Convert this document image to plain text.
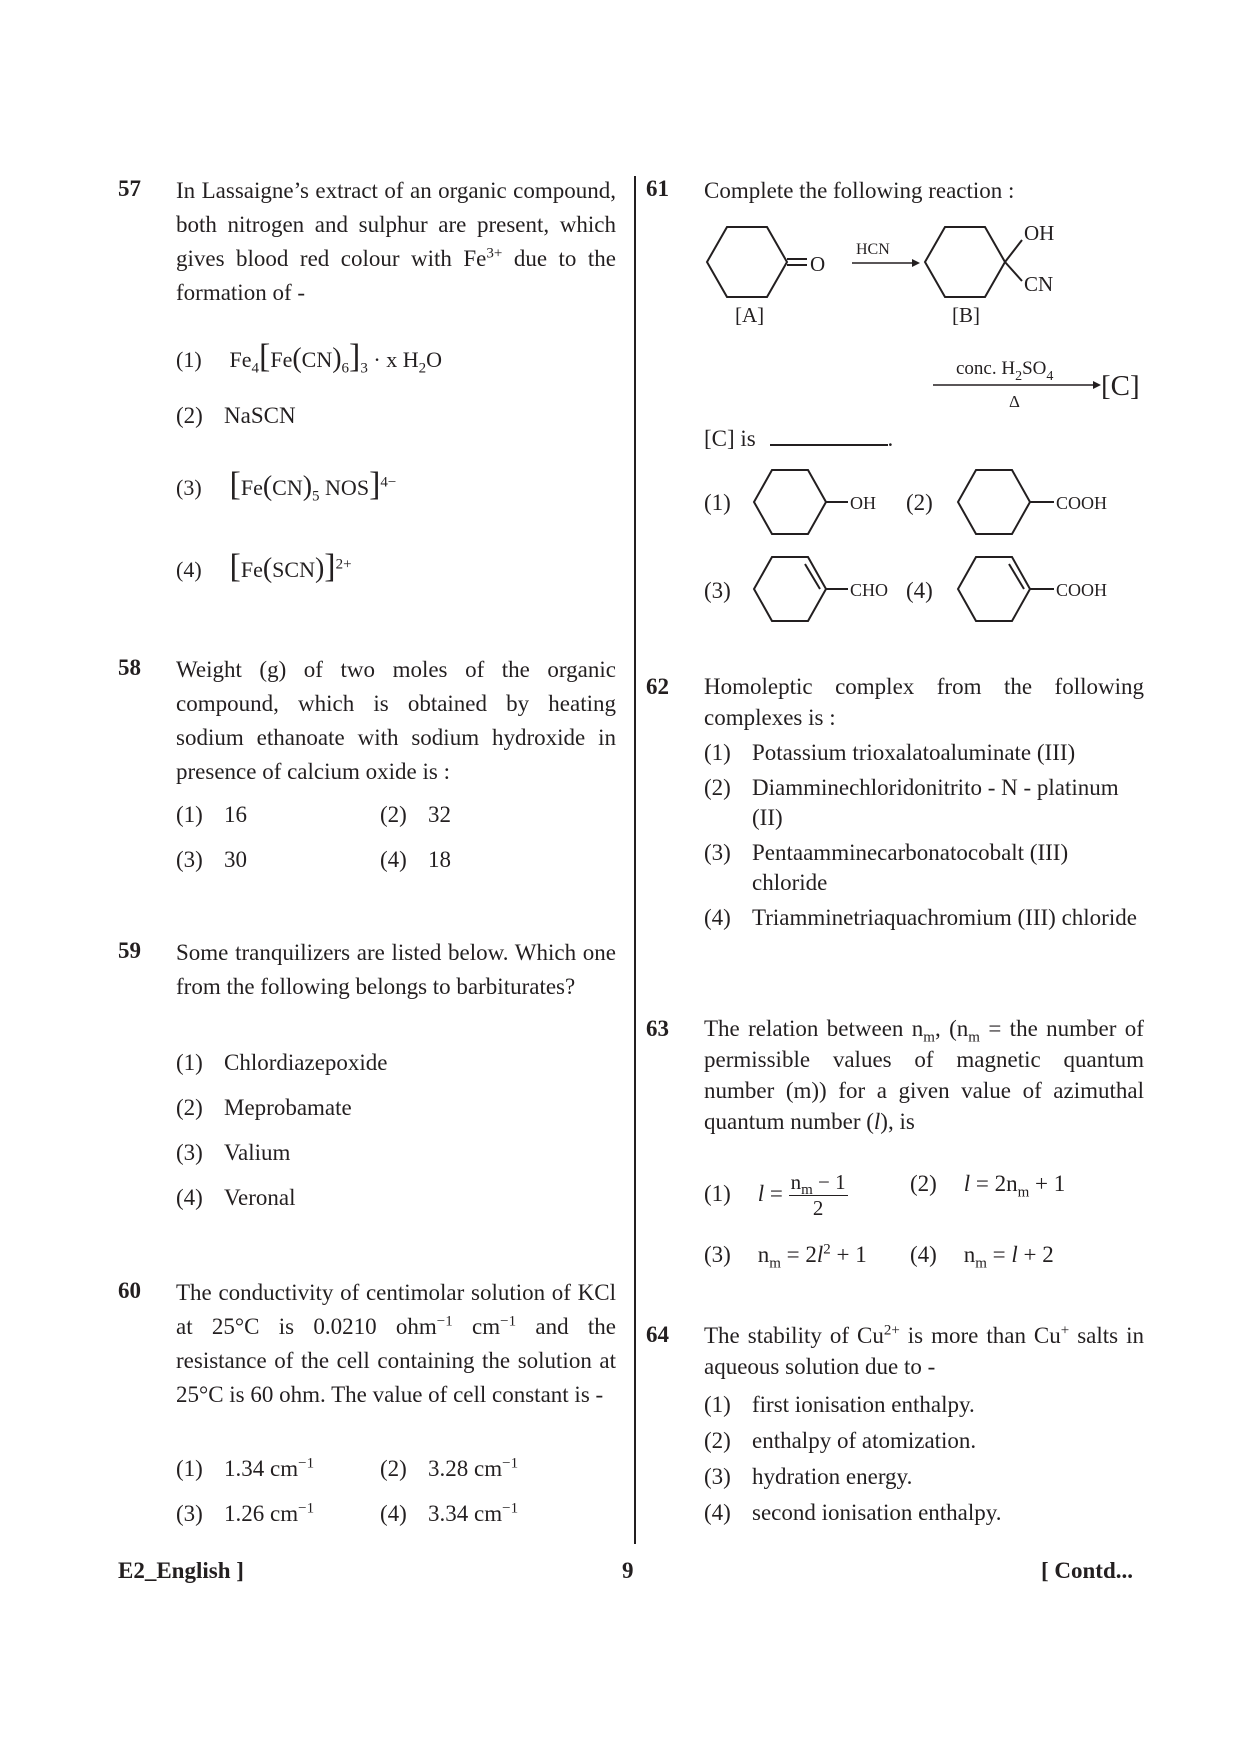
57 In Lassaigne’s extract of an organic compound, both nitrogen and sulphur are present, which gives blood red colour with $Fe^{3+}$ due to the formation of -
(1) $Fe_4[Fe(CN)_6]_3 \cdot x$ $H_2O$
(2) NaSCN
(3) [$Fe(CN)_5$ NOS]$^{4-}$
(4) $[Fe(SCN)]^{2+}$
58 Weight (g) of two moles of the organic compound, which is obtained by heating sodium ethanoate with sodium hydroxide in presence of calcium oxide is :
(1) 16	(2) 32
(3) 30	(4) 18
59 Some tranquilizers are listed below. Which one from the following belongs to barbiturates?
(1) Chlordiazepoxide
(2) Meprobamate
(3) Valium
(4) Veronal
60 The conductivity of centimolar solution of KCl at 25°C is 0.0210 ohm$^{-1}$ $cm^{-1}$ and the resistance of the cell containing the solution at 25°C is 60 ohm. The value of cell constant is -
(1) 1.34 $cm^{-1}$	(2) 3.28 $cm^{-1}$
(3) 1.26 $cm^{-1}$	(4) 3.34 $cm^{-1}$
61 Complete the following reaction :
O
[A]
HCN
OH
CN
[B]
conc. $H_2SO_4$
Δ	[C]
[C] is	.
(1)	OH (2)	COOH
(3)	CHO (4)	COOH
62 Homoleptic complex from the following complexes is :
(1) Potassium trioxalatoaluminate (III)
(2) Diamminechloridonitrito - N - platinum (II)
(3) Pentaamminecarbonatocobalt (III) chloride
(4) Triamminetriaquachromium (III) chloride
63 The relation between $n_m$, ($n_m$ = the number of permissible values of magnetic quantum number (m)) for a given value of azimuthal quantum number (l), is
(1) $l = \frac{n_m - 1}{2}$	(2) $l = 2n_m + 1$
(3) $n_m = 2l^2 + 1$ (4) $n_m = l + 2$
64 The stability of $Cu^{2+}$ is more than Cu+ salts in aqueous solution due to -
(1) first ionisation enthalpy.
(2) enthalpy of atomization.
(3) hydration energy.
(4) second ionisation enthalpy.
E2_English ]	9	[ Contd...
